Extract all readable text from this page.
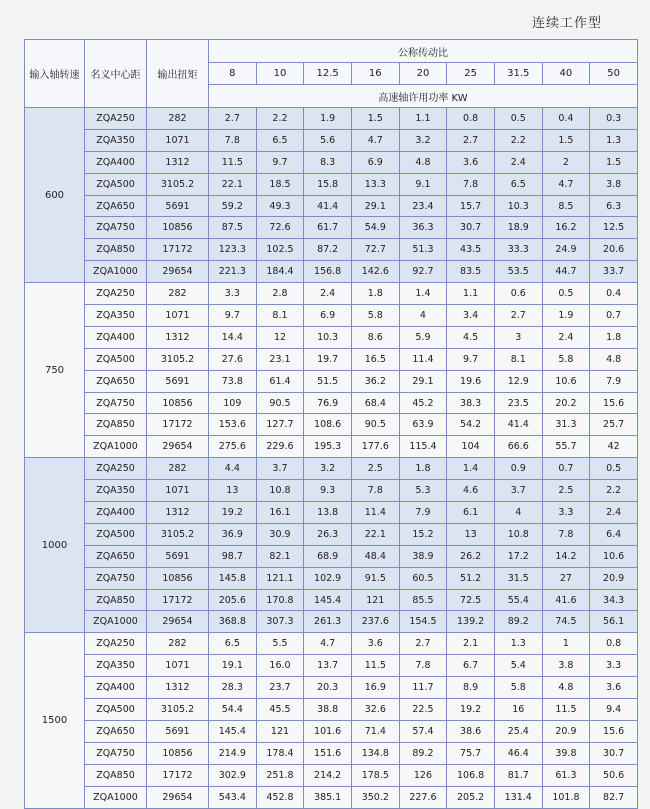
连续工作型
输入轴转速	名义中心距	输出扭矩	公称传动比								
			8	10	12.5	16	20	25	31.5	40	50
			高速轴许用功率 KW								
600	ZQA250	282	2.7	2.2	1.9	1.5	1.1	0.8	0.5	0.4	0.3
	ZQA350	1071	7.8	6.5	5.6	4.7	3.2	2.7	2.2	1.5	1.3
	ZQA400	1312	11.5	9.7	8.3	6.9	4.8	3.6	2.4	2	1.5
	ZQA500	3105.2	22.1	18.5	15.8	13.3	9.1	7.8	6.5	4.7	3.8
	ZQA650	5691	59.2	49.3	41.4	29.1	23.4	15.7	10.3	8.5	6.3
	ZQA750	10856	87.5	72.6	61.7	54.9	36.3	30.7	18.9	16.2	12.5
	ZQA850	17172	123.3	102.5	87.2	72.7	51.3	43.5	33.3	24.9	20.6
	ZQA1000	29654	221.3	184.4	156.8	142.6	92.7	83.5	53.5	44.7	33.7
750	ZQA250	282	3.3	2.8	2.4	1.8	1.4	1.1	0.6	0.5	0.4
	ZQA350	1071	9.7	8.1	6.9	5.8	4	3.4	2.7	1.9	0.7
	ZQA400	1312	14.4	12	10.3	8.6	5.9	4.5	3	2.4	1.8
	ZQA500	3105.2	27.6	23.1	19.7	16.5	11.4	9.7	8.1	5.8	4.8
	ZQA650	5691	73.8	61.4	51.5	36.2	29.1	19.6	12.9	10.6	7.9
	ZQA750	10856	109	90.5	76.9	68.4	45.2	38.3	23.5	20.2	15.6
	ZQA850	17172	153.6	127.7	108.6	90.5	63.9	54.2	41.4	31.3	25.7
	ZQA1000	29654	275.6	229.6	195.3	177.6	115.4	104	66.6	55.7	42
1000	ZQA250	282	4.4	3.7	3.2	2.5	1.8	1.4	0.9	0.7	0.5
	ZQA350	1071	13	10.8	9.3	7.8	5.3	4.6	3.7	2.5	2.2
	ZQA400	1312	19.2	16.1	13.8	11.4	7.9	6.1	4	3.3	2.4
	ZQA500	3105.2	36.9	30.9	26.3	22.1	15.2	13	10.8	7.8	6.4
	ZQA650	5691	98.7	82.1	68.9	48.4	38.9	26.2	17.2	14.2	10.6
	ZQA750	10856	145.8	121.1	102.9	91.5	60.5	51.2	31.5	27	20.9
	ZQA850	17172	205.6	170.8	145.4	121	85.5	72.5	55.4	41.6	34.3
	ZQA1000	29654	368.8	307.3	261.3	237.6	154.5	139.2	89.2	74.5	56.1
1500	ZQA250	282	6.5	5.5	4.7	3.6	2.7	2.1	1.3	1	0.8
	ZQA350	1071	19.1	16.0	13.7	11.5	7.8	6.7	5.4	3.8	3.3
	ZQA400	1312	28.3	23.7	20.3	16.9	11.7	8.9	5.8	4.8	3.6
	ZQA500	3105.2	54.4	45.5	38.8	32.6	22.5	19.2	16	11.5	9.4
	ZQA650	5691	145.4	121	101.6	71.4	57.4	38.6	25.4	20.9	15.6
	ZQA750	10856	214.9	178.4	151.6	134.8	89.2	75.7	46.4	39.8	30.7
	ZQA850	17172	302.9	251.8	214.2	178.5	126	106.8	81.7	61.3	50.6
	ZQA1000	29654	543.4	452.8	385.1	350.2	227.6	205.2	131.4	101.8	82.7
